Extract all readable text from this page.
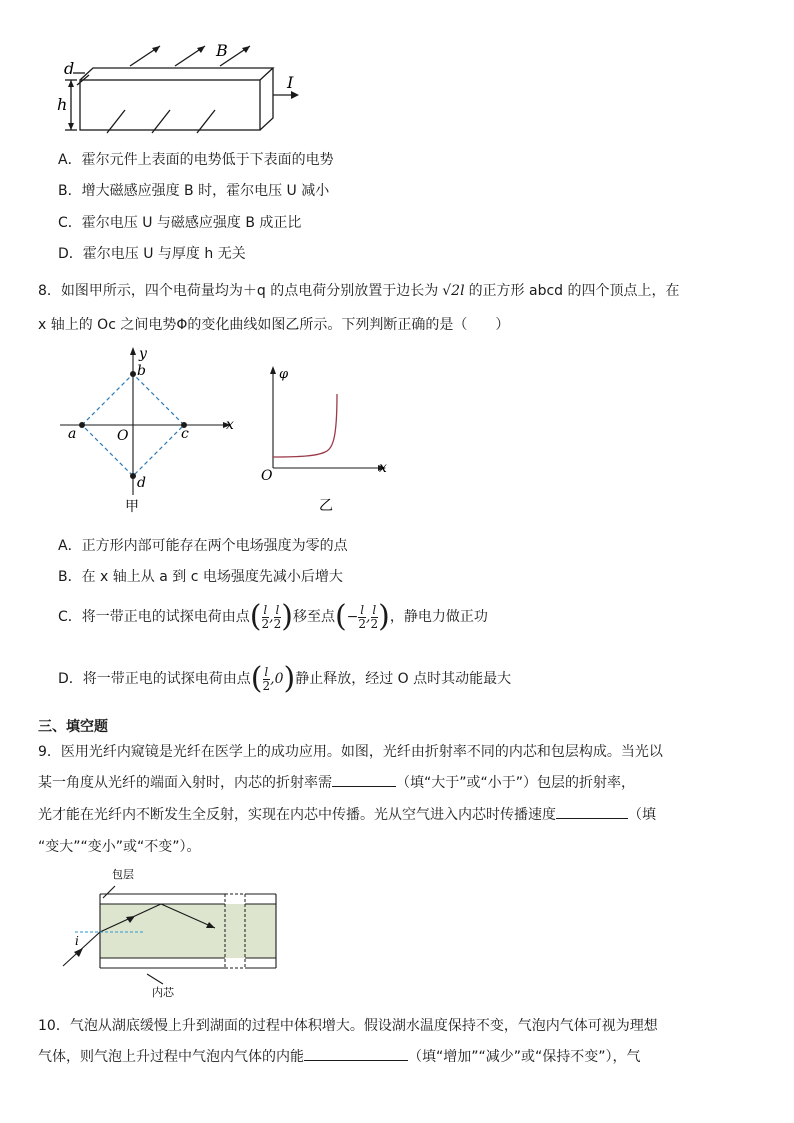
d
h
B
I
A．霍尔元件上表面的电势低于下表面的电势
B．增大磁感应强度 B 时，霍尔电压 U 减小
C．霍尔电压 U 与磁感应强度 B 成正比
D．霍尔电压 U 与厚度 h 无关
8．如图甲所示，四个电荷量均为＋q 的点电荷分别放置于边长为 √2l 的正方形 abcd 的四个顶点上，在
x 轴上的 Oc 之间电势Φ的变化曲线如图乙所示。下列判断正确的是（　　）
a
b
c
d
O
x
y
甲
φ
O	x
乙
A．正方形内部可能存在两个电场强度为零的点
B．在 x 轴上从 a 到 c 电场强度先减小后增大
C．将一带正电的试探电荷由点( $\frac{l}{2}$ , $\frac{l}{2}$ )移至点(− $\frac{l}{2}$ , $\frac{l}{2}$ )，静电力做正功
D．将一带正电的试探电荷由点( $\frac{l}{2} ,0$)静止释放，经过 O 点时其动能最大
三、填空题
9．医用光纤内窥镜是光纤在医学上的成功应用。如图，光纤由折射率不同的内芯和包层构成。当光以
某一角度从光纤的端面入射时，内芯的折射率需	（填“大于”或“小于”）包层的折射率，
光才能在光纤内不断发生全反射，实现在内芯中传播。光从空气进入内芯时传播速度	（填
“变大”“变小”或“不变”）。
包层
内芯
i
10．气泡从湖底缓慢上升到湖面的过程中体积增大。假设湖水温度保持不变，气泡内气体可视为理想
气体，则气泡上升过程中气泡内气体的内能	（填“增加”“减少”或“保持不变”），气
